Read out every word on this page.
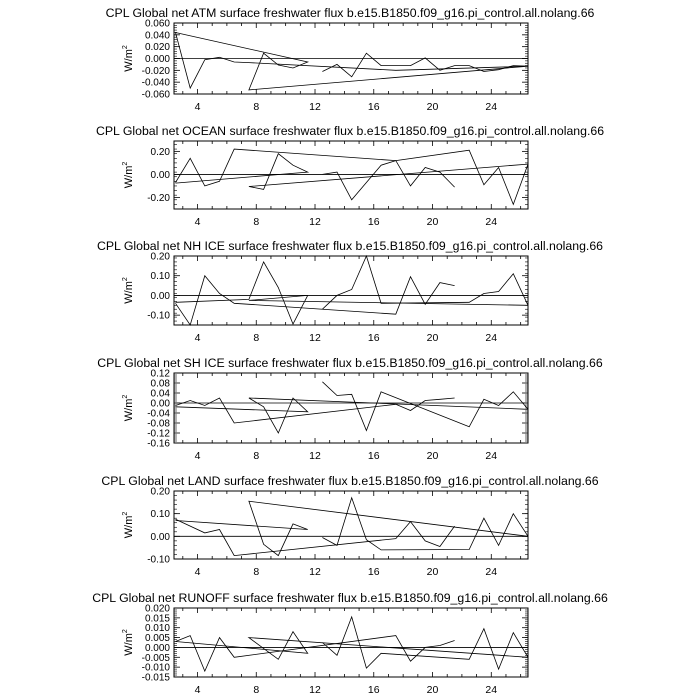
CPL Global net ATM surface freshwater flux b.e15.B1850.f09_g16.pi_control.all.nolang.66
4	8	12	16	20	24
0.060
0.040
0.020
0.000
-0.020
-0.040
-0.060
$W/m^2$
CPL Global net OCEAN surface freshwater flux b.e15.B1850.f09_g16.pi_control.all.nolang.66
4	8	12	16	20	24
0.20
0.00
-0.20
$W/m^2$
CPL Global net NH ICE surface freshwater flux b.e15.B1850.f09_g16.pi_control.all.nolang.66
4	8	12	16	20	24
0.20
0.10
0.00
-0.10
$W/m^2$
CPL Global net SH ICE surface freshwater flux b.e15.B1850.f09_g16.pi_control.all.nolang.66
4	8	12	16	20	24
0.12
0.08
0.04
0.00
-0.04
-0.08
-0.12
-0.16
$W/m^2$
CPL Global net LAND surface freshwater flux b.e15.B1850.f09_g16.pi_control.all.nolang.66
4	8	12	16	20	24
0.20
0.10
0.00
-0.10
$W/m^2$
CPL Global net RUNOFF surface freshwater flux b.e15.B1850.f09_g16.pi_control.all.nolang.66
4	8	12	16	20	24
0.020
0.015
0.010
0.005
0.000
-0.005
-0.010
-0.015
$W/m^2$
